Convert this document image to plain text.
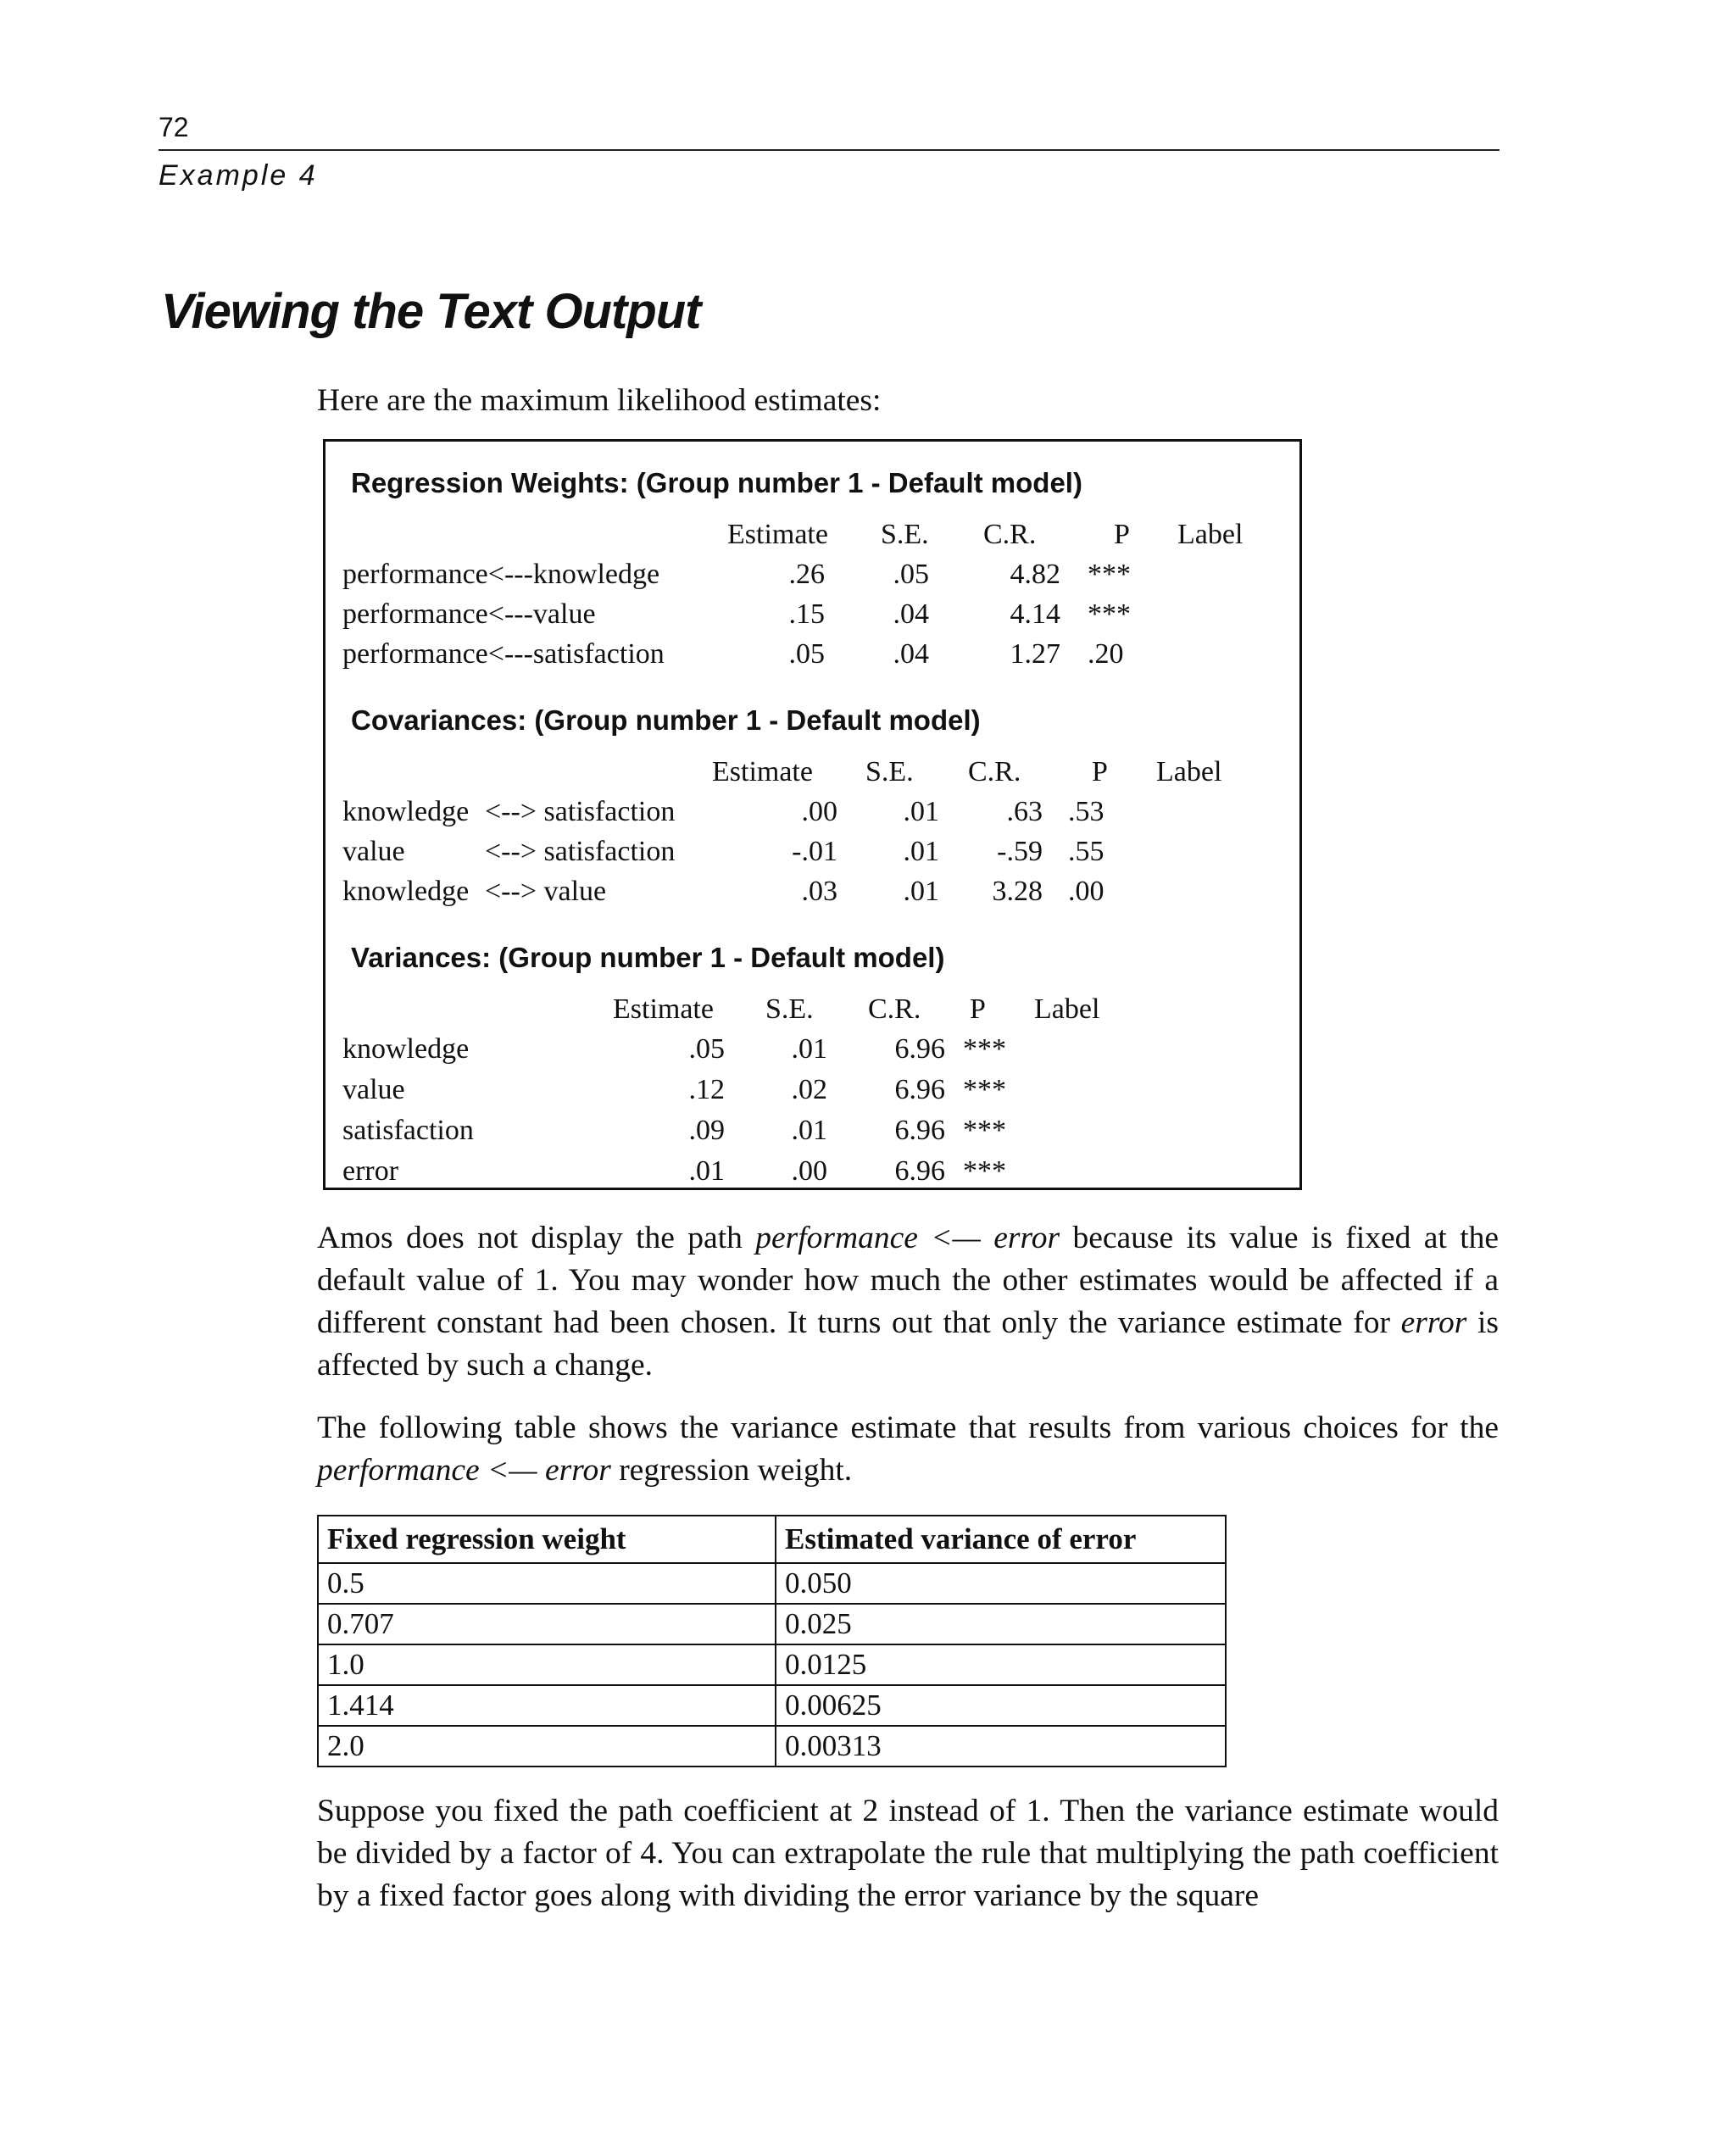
72
Example 4
Viewing the Text Output
Here are the maximum likelihood estimates:
Regression Weights: (Group number 1 - Default model)
Estimate S.E. C.R.	P Label
performance<---knowledge	.26 .05	4.82 ***
performance<---value	.15 .04	4.14 ***
performance<---satisfaction	.05 .04	1.27 .20
Covariances: (Group number 1 - Default model)
Estimate S.E. C.R. P Label
knowledge <--> satisfaction	.00 .01 .63 .53
value	<--> satisfaction	-.01 .01 -.59 .55
knowledge <--> value	.03 .01 3.28 .00
Variances: (Group number 1 - Default model)
Estimate S.E. C.R. P Label
knowledge	.05 .01 6.96 ***
value	.12 .02 6.96 ***
satisfaction	.09 .01 6.96 ***
error	.01 .00 6.96 ***
Amos does not display the path performance <— error because its value is fixed at the default value of 1. You may wonder how much the other estimates would be affected if a different constant had been chosen. It turns out that only the variance estimate for error is affected by such a change.
The following table shows the variance estimate that results from various choices for the performance <— error regression weight.
Fixed regression weight	Estimated variance of error
0.5	0.050
0.707	0.025
1.0	0.0125
1.414	0.00625
2.0	0.00313
Suppose you fixed the path coefficient at 2 instead of 1. Then the variance estimate would be divided by a factor of 4. You can extrapolate the rule that multiplying the path coefficient by a fixed factor goes along with dividing the error variance by the square
